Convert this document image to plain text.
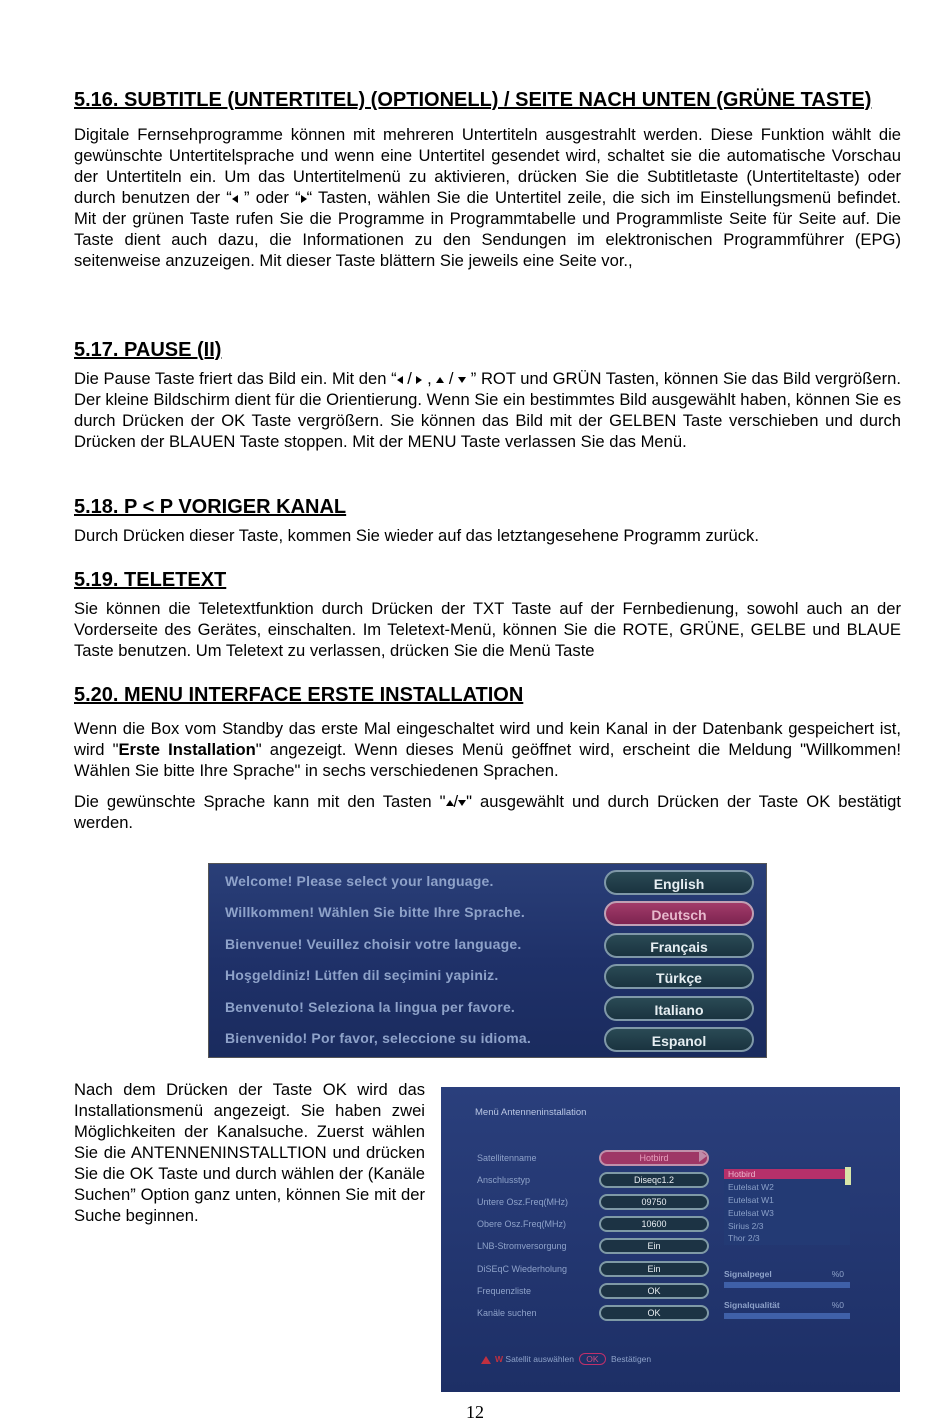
5.16. SUBTITLE (UNTERTITEL) (OPTIONELL) / SEITE NACH UNTEN (GRÜNE TASTE)

Digitale Fernsehprogramme können mit mehreren Untertiteln ausgestrahlt werden. Diese Funktion wählt die gewünschte Untertitelsprache und wenn eine Untertitel gesendet wird, schaltet sie die automatische Vorschau der Untertiteln ein. Um das Untertitelmenü zu aktivieren, drücken Sie die Subtitletaste (Untertiteltaste) oder durch benutzen der “ ” oder “ “ Tasten, wählen Sie die Untertitel zeile, die sich im Einstellungsmenü befindet. Mit der grünen Taste rufen Sie die Programme in Programmtabelle und Programmliste Seite für Seite auf. Die Taste dient auch dazu, die Informationen zu den Sendungen im elektronischen Programmführer (EPG) seitenweise anzuzeigen. Mit dieser Taste blättern Sie jeweils eine Seite vor.,

5.17. PAUSE (II)

Die Pause Taste friert das Bild ein. Mit den “ /  ,  /  ” ROT und GRÜN Tasten, können Sie das Bild vergrößern. Der kleine Bildschirm dient für die Orientierung. Wenn Sie ein bestimmtes Bild ausgewählt haben, können Sie es durch Drücken der OK Taste vergrößern. Sie können das Bild mit der GELBEN Taste verschieben und durch Drücken der BLAUEN Taste stoppen. Mit der MENU Taste verlassen Sie das Menü.

5.18. P < P VORIGER KANAL

Durch Drücken dieser Taste, kommen Sie wieder auf das letztangesehene Programm zurück.

5.19. TELETEXT

Sie können die Teletextfunktion durch Drücken der TXT Taste auf der Fernbedienung, sowohl auch an der Vorderseite des Gerätes, einschalten. Im Teletext-Menü, können Sie die ROTE, GRÜNE, GELBE und BLAUE Taste benutzen. Um Teletext zu verlassen, drücken Sie die Menü Taste

5.20. MENU INTERFACE ERSTE INSTALLATION

Wenn die Box vom Standby das erste Mal eingeschaltet wird und kein Kanal in der Datenbank gespeichert ist, wird "Erste Installation" angezeigt. Wenn dieses Menü geöffnet wird, erscheint die Meldung "Willkommen! Wählen Sie bitte Ihre Sprache" in sechs verschiedenen Sprachen.

Die gewünschte Sprache kann mit den Tasten " / " ausgewählt und durch Drücken der Taste OK bestätigt werden.

Welcome! Please select your language.	English
Willkommen! Wählen Sie bitte Ihre Sprache.	Deutsch
Bienvenue! Veuillez choisir votre language.	Français
Hoşgeldiniz! Lütfen dil seçimini yapiniz.	Türkçe
Benvenuto! Seleziona la lingua per favore.	Italiano
Bienvenido! Por favor, seleccione su idioma.	Espanol

Nach dem Drücken der Taste OK wird das Installationsmenü angezeigt. Sie haben zwei Möglichkeiten der Kanalsuche. Zuerst wählen Sie die ANTENNENINSTALLTION und drücken Sie die OK Taste und durch wählen der (Kanäle Suchen” Option ganz unten, können Sie mit der Suche beginnen.

Menü Antenneninstallation
Satellitenname	Hotbird
Anschlusstyp	Diseqc1.2
Untere Osz.Freq(MHz)	09750
Obere Osz.Freq(MHz)	10600
LNB-Stromversorgung	Ein
DiSEqC Wiederholung	Ein
Frequenzliste	OK
Kanäle suchen	OK
Hotbird
Eutelsat W2
Eutelsat W1
Eutelsat W3
Sirius 2/3
Thor 2/3
Signalpegel	%0
Signalqualität	%0
W Satellit auswählen OK Bestätigen
12
